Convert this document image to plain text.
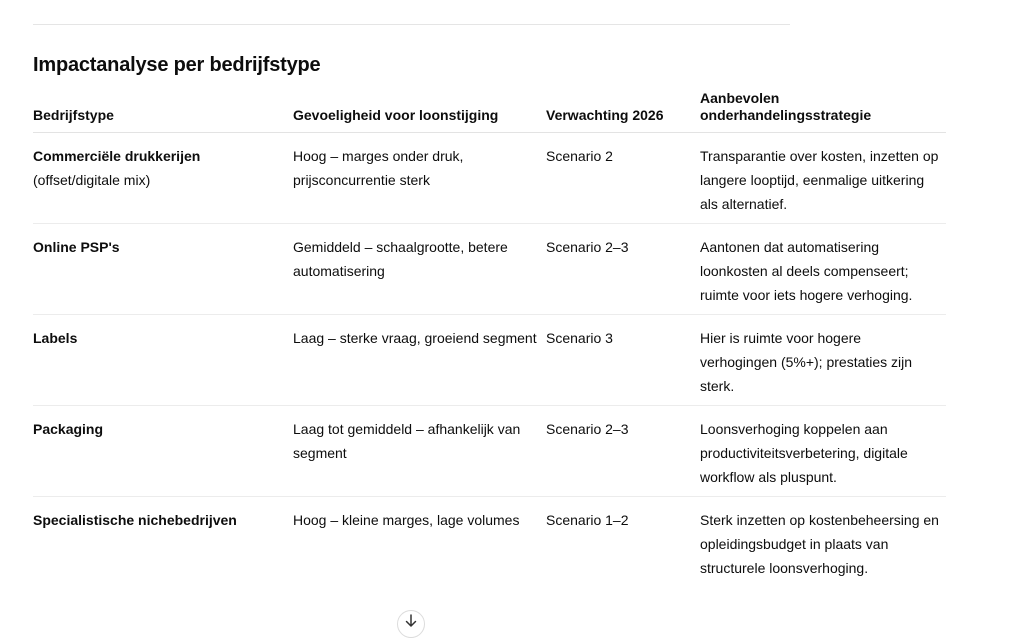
Impactanalyse per bedrijfstype
Bedrijfstype	Gevoeligheid voor loonstijging	Verwachting 2026	Aanbevolen onderhandelingsstrategie
Commerciële drukkerijen
(offset/digitale mix)	Hoog – marges onder druk, prijsconcurrentie sterk	Scenario 2	Transparantie over kosten, inzetten op langere looptijd, eenmalige uitkering als alternatief.
Online PSP's	Gemiddeld – schaalgrootte, betere automatisering	Scenario 2–3	Aantonen dat automatisering loonkosten al deels compenseert; ruimte voor iets hogere verhoging.
Labels	Laag – sterke vraag, groeiend segment	Scenario 3	Hier is ruimte voor hogere verhogingen (5%+); prestaties zijn sterk.
Packaging	Laag tot gemiddeld – afhankelijk van segment	Scenario 2–3	Loonsverhoging koppelen aan productiviteitsverbetering, digitale workflow als pluspunt.
Specialistische nichebedrijven	Hoog – kleine marges, lage volumes	Scenario 1–2	Sterk inzetten op kostenbeheersing en opleidingsbudget in plaats van structurele loonsverhoging.
